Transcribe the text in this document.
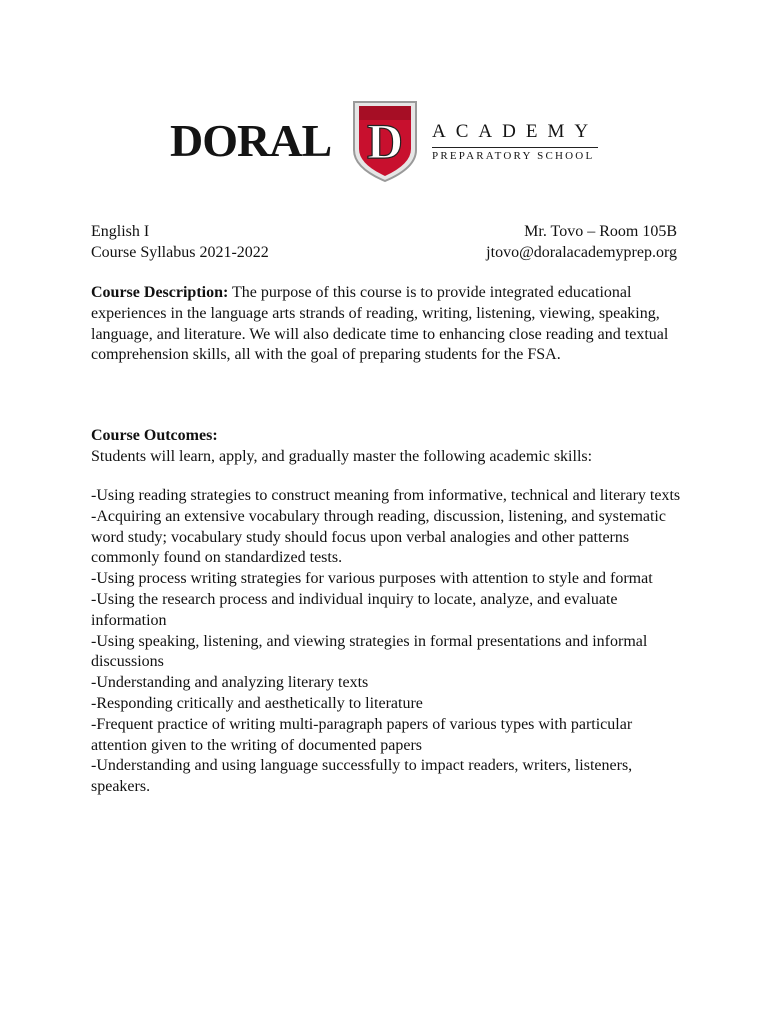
DORAL D ACADEMY
PREPARATORY SCHOOL
English I
Course Syllabus 2021-2022
Mr. Tovo – Room 105B
jtovo@doralacademyprep.org
Course Description: The purpose of this course is to provide integrated educational experiences in the language arts strands of reading, writing, listening, viewing, speaking, language, and literature. We will also dedicate time to enhancing close reading and textual comprehension skills, all with the goal of preparing students for the FSA.
Course Outcomes:
Students will learn, apply, and gradually master the following academic skills:
-Using reading strategies to construct meaning from informative, technical and literary texts
-Acquiring an extensive vocabulary through reading, discussion, listening, and systematic word study; vocabulary study should focus upon verbal analogies and other patterns commonly found on standardized tests.
-Using process writing strategies for various purposes with attention to style and format
-Using the research process and individual inquiry to locate, analyze, and evaluate information
-Using speaking, listening, and viewing strategies in formal presentations and informal discussions
-Understanding and analyzing literary texts
-Responding critically and aesthetically to literature
-Frequent practice of writing multi-paragraph papers of various types with particular attention given to the writing of documented papers
-Understanding and using language successfully to impact readers, writers, listeners, speakers.
